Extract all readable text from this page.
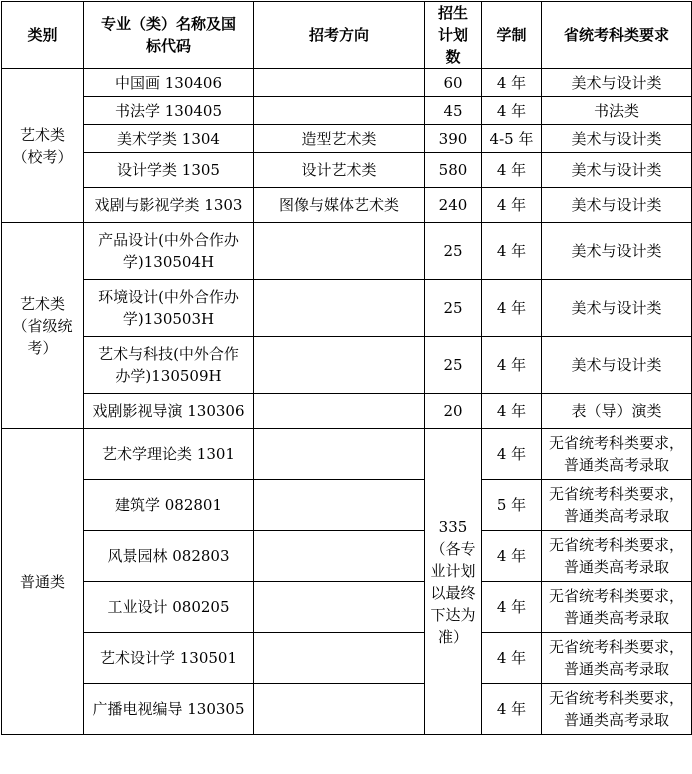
类别	专业（类）名称及国标代码	招考方向	招生计划数	学制	省统考科类要求
艺术类（校考）	中国画 130406		60	4 年	美术与设计类
	书法学 130405		45	4 年	书法类
	美术学类 1304	造型艺术类	390	4-5 年	美术与设计类
	设计学类 1305	设计艺术类	580	4 年	美术与设计类
	戏剧与影视学类 1303	图像与媒体艺术类	240	4 年	美术与设计类
艺术类（省级统考）	产品设计(中外合作办学)130504H		25	4 年	美术与设计类
	环境设计(中外合作办学)130503H		25	4 年	美术与设计类
	艺术与科技(中外合作办学)130509H		25	4 年	美术与设计类
	戏剧影视导演 130306		20	4 年	表（导）演类
普通类	艺术学理论类 1301		335（各专业计划以最终下达为准）	4 年	无省统考科类要求，普通类高考录取
	建筑学 082801			5 年	无省统考科类要求，普通类高考录取
	风景园林 082803			4 年	无省统考科类要求，普通类高考录取
	工业设计 080205			4 年	无省统考科类要求，普通类高考录取
	艺术设计学 130501			4 年	无省统考科类要求，普通类高考录取
	广播电视编导 130305			4 年	无省统考科类要求，普通类高考录取
